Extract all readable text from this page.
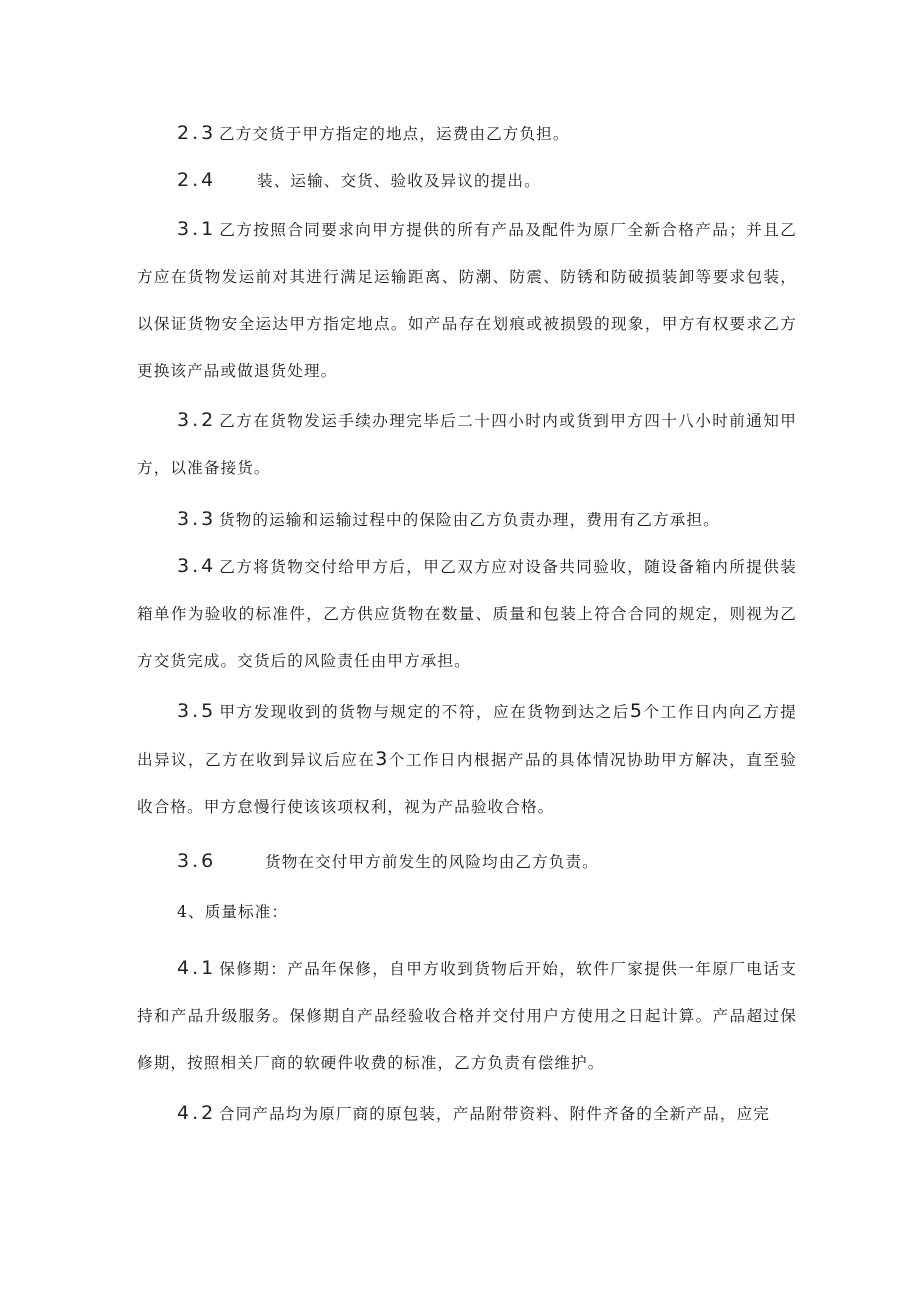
2.3 乙方交货于甲方指定的地点，运费由乙方负担。
2.4	装、运输、交货、验收及异议的提出。
3.1 乙方按照合同要求向甲方提供的所有产品及配件为原厂全新合格产品；并且乙方应在货物发运前对其进行满足运输距离、防潮、防震、防锈和防破损装卸等要求包装，以保证货物安全运达甲方指定地点。如产品存在划痕或被损毁的现象，甲方有权要求乙方更换该产品或做退货处理。
3.2 乙方在货物发运手续办理完毕后二十四小时内或货到甲方四十八小时前通知甲方，以准备接货。
3.3 货物的运输和运输过程中的保险由乙方负责办理，费用有乙方承担。
3.4 乙方将货物交付给甲方后，甲乙双方应对设备共同验收，随设备箱内所提供装箱单作为验收的标准件，乙方供应货物在数量、质量和包装上符合合同的规定，则视为乙方交货完成。交货后的风险责任由甲方承担。
3.5 甲方发现收到的货物与规定的不符，应在货物到达之后5个工作日内向乙方提出异议，乙方在收到异议后应在3个工作日内根据产品的具体情况协助甲方解决，直至验收合格。甲方怠慢行使该该项权利，视为产品验收合格。
3.6	货物在交付甲方前发生的风险均由乙方负责。
4、质量标准：
4.1 保修期：产品年保修，自甲方收到货物后开始，软件厂家提供一年原厂电话支持和产品升级服务。保修期自产品经验收合格并交付用户方使用之日起计算。产品超过保修期，按照相关厂商的软硬件收费的标准，乙方负责有偿维护。
4.2 合同产品均为原厂商的原包装，产品附带资料、附件齐备的全新产品，应完
